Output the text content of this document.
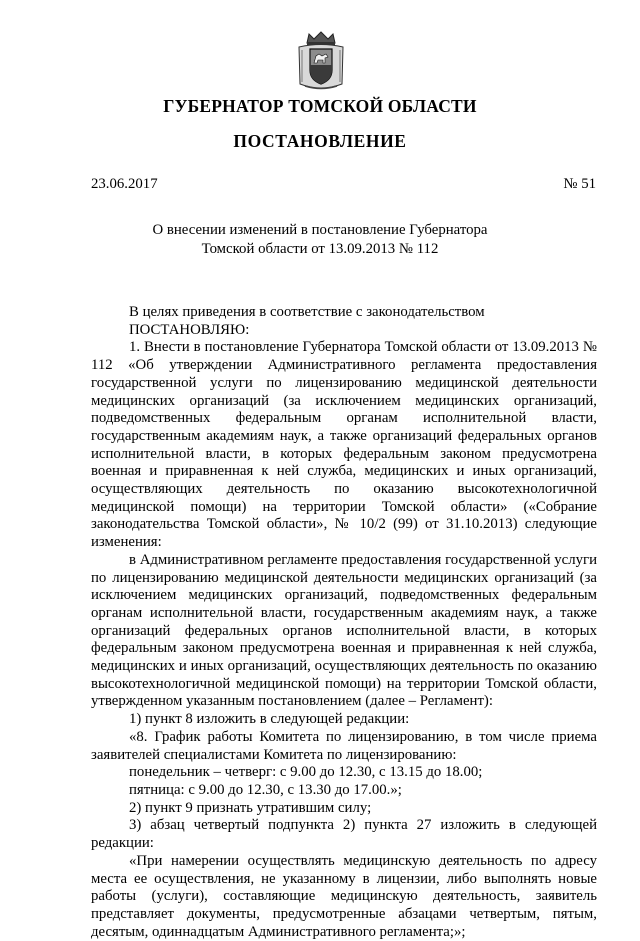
ГУБЕРНАТОР ТОМСКОЙ ОБЛАСТИ
ПОСТАНОВЛЕНИЕ
23.06.2017	№ 51
О внесении изменений в постановление Губернатора
Томской области от 13.09.2013 № 112

В целях приведения в соответствие с законодательством

ПОСТАНОВЛЯЮ:

1. Внести в постановление Губернатора Томской области от 13.09.2013 № 112 «Об утверждении Административного регламента предоставления государственной услуги по лицензированию медицинской деятельности медицинских организаций (за исключением медицинских организаций, подведомственных федеральным органам исполнительной власти, государственным академиям наук, а также организаций федеральных органов исполнительной власти, в которых федеральным законом предусмотрена военная и приравненная к ней служба, медицинских и иных организаций, осуществляющих деятельность по оказанию высокотехнологичной медицинской помощи) на территории Томской области» («Собрание законодательства Томской области», № 10/2 (99) от 31.10.2013) следующие изменения:

в Административном регламенте предоставления государственной услуги по лицензированию медицинской деятельности медицинских организаций (за исключением медицинских организаций, подведомственных федеральным органам исполнительной власти, государственным академиям наук, а также организаций федеральных органов исполнительной власти, в которых федеральным законом предусмотрена военная и приравненная к ней служба, медицинских и иных организаций, осуществляющих деятельность по оказанию высокотехнологичной медицинской помощи) на территории Томской области, утвержденном указанным постановлением (далее – Регламент):

1) пункт 8 изложить в следующей редакции:

«8. График работы Комитета по лицензированию, в том числе приема заявителей специалистами Комитета по лицензированию:

понедельник – четверг: с 9.00 до 12.30, с 13.15 до 18.00;

пятница: с 9.00 до 12.30, с 13.30 до 17.00.»;

2) пункт 9 признать утратившим силу;

3) абзац четвертый подпункта 2) пункта 27 изложить в следующей редакции:

«При намерении осуществлять медицинскую деятельность по адресу места ее осуществления, не указанному в лицензии, либо выполнять новые работы (услуги), составляющие медицинскую деятельность, заявитель представляет документы, предусмотренные абзацами четвертым, пятым, десятым, одиннадцатым Административного регламента;»;
